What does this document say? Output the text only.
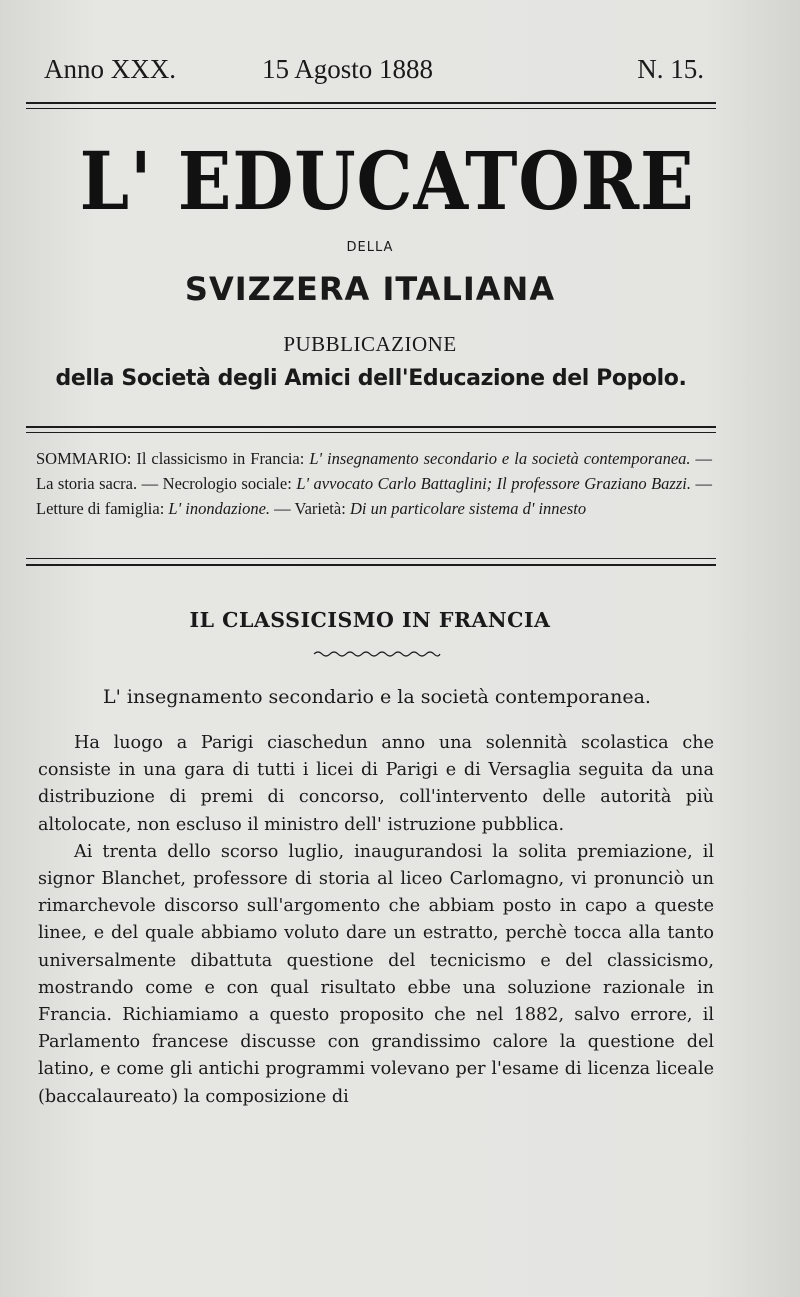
Anno XXX.	15 Agosto 1888	N. 15.
L' EDUCATORE
DELLA
SVIZZERA ITALIANA
PUBBLICAZIONE
della Società degli Amici dell'Educazione del Popolo.
SOMMARIO: Il classicismo in Francia: L' insegnamento secondario e la società contemporanea. — La storia sacra. — Necrologio sociale: L' avvocato Carlo Battaglini; Il professore Graziano Bazzi. — Letture di famiglia: L' inondazione. — Varietà: Di un particolare sistema d' innesto
IL CLASSICISMO IN FRANCIA
L' insegnamento secondario e la società contemporanea.

Ha luogo a Parigi ciaschedun anno una solennità scolastica che consiste in una gara di tutti i licei di Parigi e di Versaglia seguita da una distribuzione di premi di concorso, coll'intervento delle autorità più altolocate, non escluso il ministro dell' istruzione pubblica.

Ai trenta dello scorso luglio, inaugurandosi la solita premiazione, il signor Blanchet, professore di storia al liceo Carlomagno, vi pronunciò un rimarchevole discorso sull'argomento che abbiam posto in capo a queste linee, e del quale abbiamo voluto dare un estratto, perchè tocca alla tanto universalmente dibattuta questione del tecnicismo e del classicismo, mostrando come e con qual risultato ebbe una soluzione razionale in Francia. Richiamiamo a questo proposito che nel 1882, salvo errore, il Parlamento francese discusse con grandissimo calore la questione del latino, e come gli antichi programmi volevano per l'esame di licenza liceale (baccalaureato) la composizione di
